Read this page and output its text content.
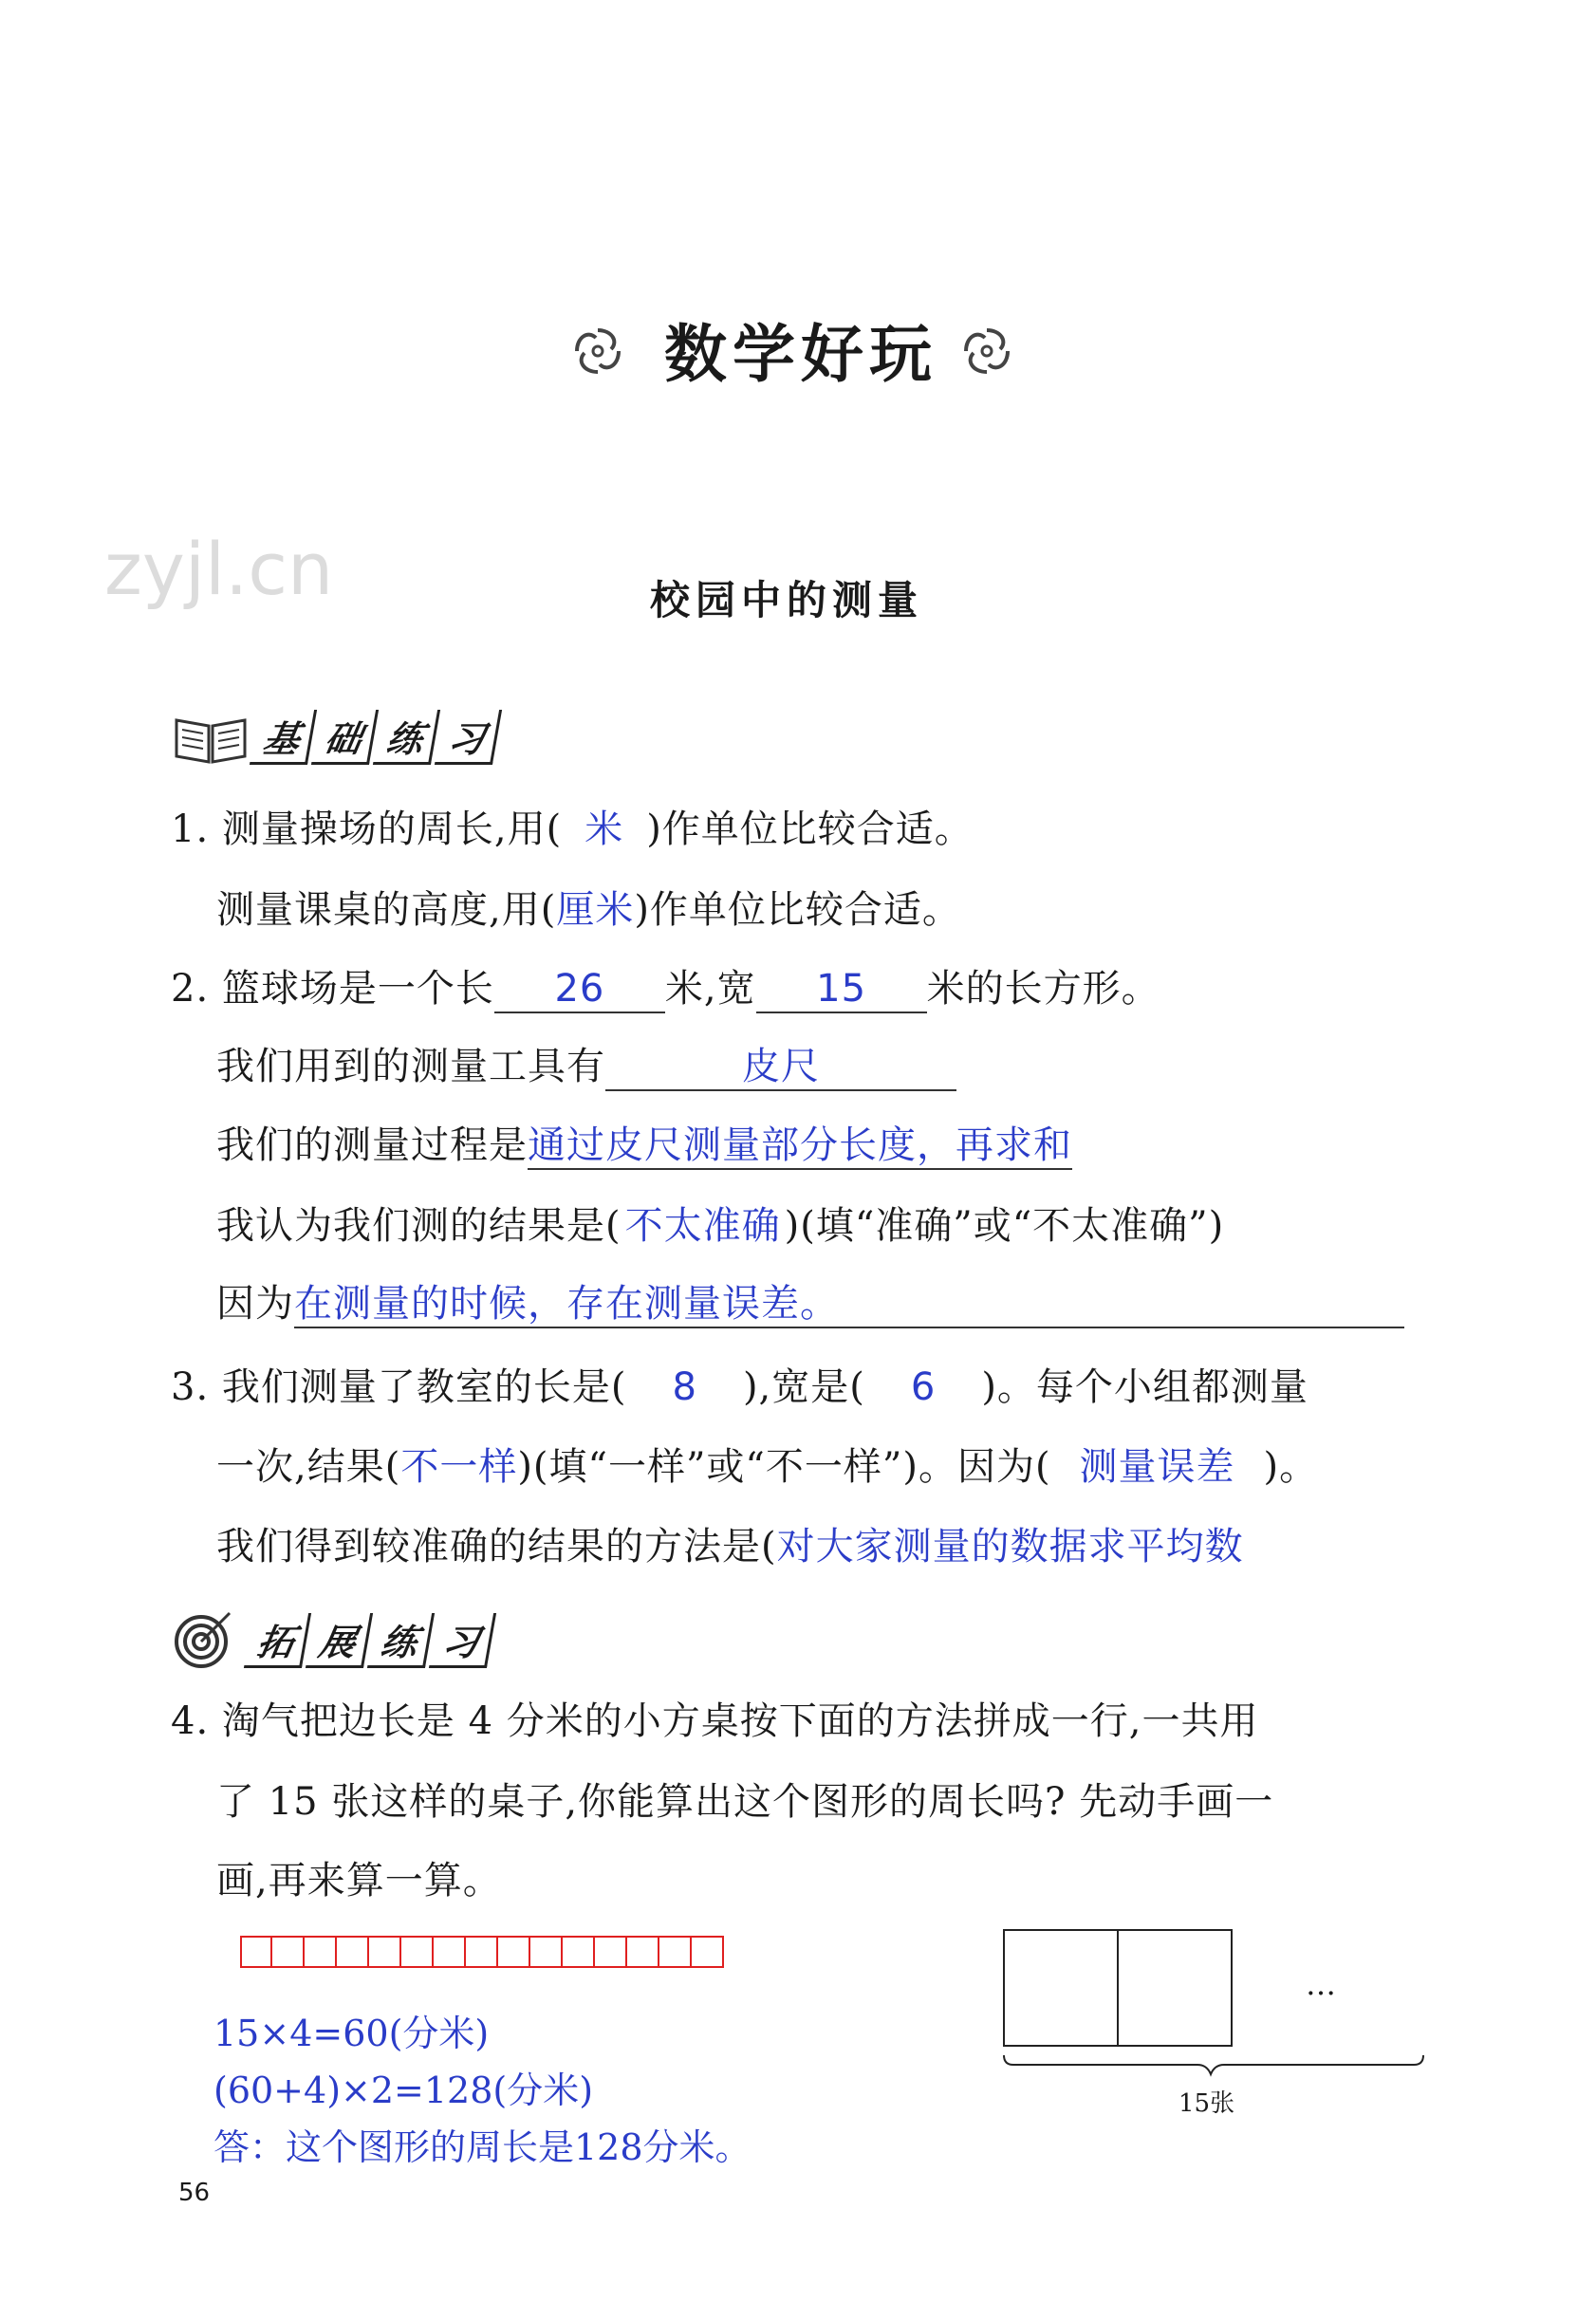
数学好玩
zyjl.cn	校园中的测量
基 础 练 习
1. 测量操场的周长,用( 米 )作单位比较合适。
测量课桌的高度,用(厘米)作单位比较合适。
2. 篮球场是一个长 26 米,宽 15 米的长方形。
我们用到的测量工具有	皮尺
我们的测量过程是通过皮尺测量部分长度，再求和
我认为我们测的结果是( 不太准确 )(填“准确”或“不太准确”)
因为在测量的时候，存在测量误差。
3. 我们测量了教室的长是( 8 ),宽是( 6 )。每个小组都测量
一次,结果(不一样)(填“一样”或“不一样”)。因为( 测量误差 )。
我们得到较准确的结果的方法是(对大家测量的数据求平均数
拓 展 练 习
4. 淘气把边长是 4 分米的小方桌按下面的方法拼成一行,一共用
了 15 张这样的桌子,你能算出这个图形的周长吗? 先动手画一
画,再来算一算。
…
15张
15×4=60(分米)
(60+4)×2=128(分米)
答：这个图形的周长是128分米。
56
